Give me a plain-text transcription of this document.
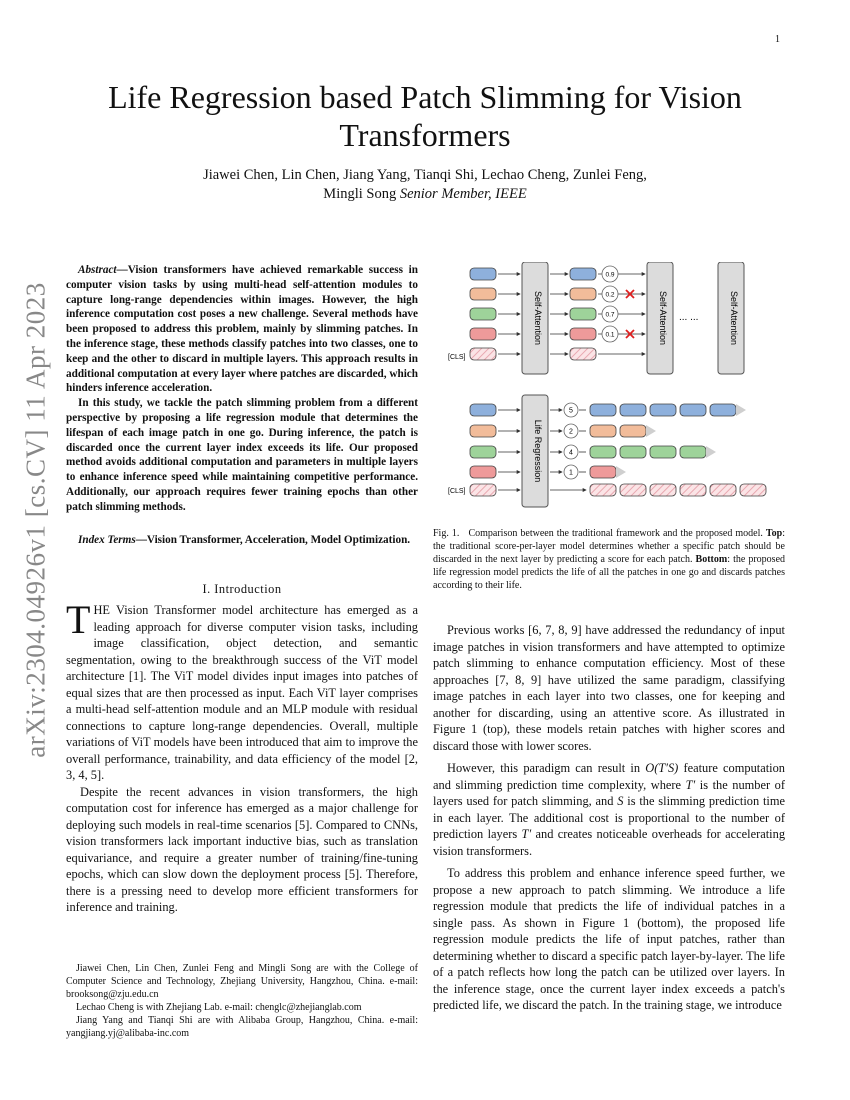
1
Life Regression based Patch Slimming for Vision Transformers
Jiawei Chen, Lin Chen, Jiang Yang, Tianqi Shi, Lechao Cheng, Zunlei Feng,
Mingli Song Senior Member, IEEE
arXiv:2304.04926v1 [cs.CV] 11 Apr 2023

Abstract—Vision transformers have achieved remarkable success in computer vision tasks by using multi-head self-attention modules to capture long-range dependencies within images. However, the high inference computation cost poses a new challenge. Several methods have been proposed to address this problem, mainly by slimming patches. In the inference stage, these methods classify patches into two classes, one to keep and the other to discard in multiple layers. This approach results in additional computation at every layer where patches are discarded, which hinders inference acceleration.

In this study, we tackle the patch slimming problem from a different perspective by proposing a life regression module that determines the lifespan of each image patch in one go. During inference, the patch is discarded once the current layer index exceeds its life. Our proposed method avoids additional computation and parameters in multiple layers to enhance inference speed while maintaining competitive performance. Additionally, our approach requires fewer training epochs than other patch slimming methods.

Index Terms—Vision Transformer, Acceleration, Model Optimization.
I. Introduction

THE Vision Transformer model architecture has emerged as a leading approach for diverse computer vision tasks, including image classification, object detection, and semantic segmentation, owing to the breakthrough success of the ViT model architecture [1]. The ViT model divides input images into patches of equal sizes that are then processed as input. Each ViT layer comprises a multi-head self-attention module and an MLP module with residual connections to capture long-range dependencies. Overall, multiple variations of ViT models have been introduced that aim to improve the overall performance, trainability, and data efficiency of the model [2, 3, 4, 5].

Despite the recent advances in vision transformers, the high computation cost for inference has emerged as a major challenge for deploying such models in real-time scenarios [5]. Compared to CNNs, vision transformers lack important inductive bias, such as translation equivariance, and require a greater number of training/fine-tuning epochs, which can slow down the deployment process [5]. Therefore, there is a pressing need to develop more efficient transformers for inference and training.

Jiawei Chen, Lin Chen, Zunlei Feng and Mingli Song are with the College of Computer Science and Technology, Zhejiang University, Hangzhou, China. e-mail: brooksong@zju.edu.cn

Lechao Cheng is with Zhejiang Lab. e-mail: chenglc@zhejianglab.com

Jiang Yang and Tianqi Shi are with Alibaba Group, Hangzhou, China. e-mail: yangjiang.yj@alibaba-inc.com

[CLS]
Self-Attention
0.9
0.2
0.7
0.1	Self-Attention ... ...	Self-Attention
[CLS]
Life Regression
5
2
4
1
Fig. 1. Comparison between the traditional framework and the proposed model. Top: the traditional score-per-layer model determines whether a specific patch should be discarded in the next layer by predicting a score for each patch. Bottom: the proposed life regression model predicts the life of all the patches in one go and discards patches according to their life.

Previous works [6, 7, 8, 9] have addressed the redundancy of input image patches in vision transformers and have attempted to optimize patch slimming to enhance computation efficiency. Most of these approaches [7, 8, 9] have utilized the same paradigm, classifying image patches in each layer into two classes, one for keeping and another for discarding, using an attentive score. As illustrated in Figure 1 (top), these models retain patches with higher scores and discard those with lower scores.

However, this paradigm can result in O(T′S) feature computation and slimming prediction time complexity, where T′ is the number of layers used for patch slimming, and S is the slimming prediction time in each layer. The additional cost is proportional to the number of prediction layers T′ and creates noticeable overheads for accelerating vision transformers.

To address this problem and enhance inference speed further, we propose a new approach to patch slimming. We introduce a life regression module that predicts the life of individual patches in a single pass. As shown in Figure 1 (bottom), the proposed life regression module predicts the life of input patches, rather than determining whether to discard a specific patch layer-by-layer. The life of a patch reflects how long the patch can be utilized over layers. In the inference stage, once the current layer index exceeds a patch's predicted life, we discard the patch. In the training stage, we introduce
